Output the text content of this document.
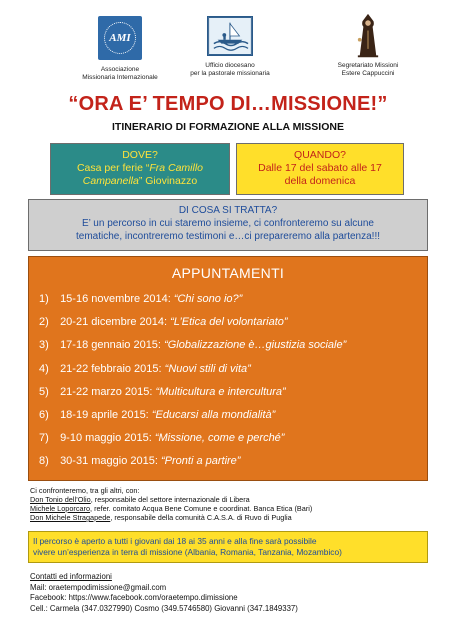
AMI
Associazione
Missionaria Internazionale
Ufficio diocesano
per la pastorale missionaria
Segretariato Missioni
Estere Cappuccini
“ORA E’ TEMPO DI…MISSIONE!”
ITINERARIO DI FORMAZIONE ALLA MISSIONE
DOVE?
Casa per ferie “Fra Camillo
Campanella” Giovinazzo
QUANDO?
Dalle 17 del sabato alle 17
della domenica
DI COSA SI TRATTA?
E’ un percorso in cui staremo insieme, ci confronteremo su alcune
tematiche, incontreremo testimoni e…ci prepareremo alla partenza!!!
APPUNTAMENTI
1) 15-16 novembre 2014: “Chi sono io?”
2) 20-21 dicembre 2014: “L’Etica del volontariato”
3) 17-18 gennaio 2015: “Globalizzazione è…giustizia sociale”
4) 21-22 febbraio 2015: “Nuovi stili di vita”
5) 21-22 marzo 2015: “Multicultura e intercultura”
6) 18-19 aprile 2015: “Educarsi alla mondialità”
7) 9-10 maggio 2015: “Missione, come e perché”
8) 30-31 maggio 2015: “Pronti a partire”
Ci confronteremo, tra gli altri, con:
Don Tonio dell’Olio, responsabile del settore internazionale di Libera
Michele Loporcaro, refer. comitato Acqua Bene Comune e coordinat. Banca Etica (Bari)
Don Michele Stragapede, responsabile della comunità C.A.S.A. di Ruvo di Puglia
Il percorso è aperto a tutti i giovani dai 18 ai 35 anni e alla fine sarà possibile
vivere un’esperienza in terra di missione (Albania, Romania, Tanzania, Mozambico)
Contatti ed informazioni
Mail: oraetempodimissione@gmail.com
Facebook: https://www.facebook.com/oraetempo.dimissione
Cell.: Carmela (347.0327990) Cosmo (349.5746580) Giovanni (347.1849337)
